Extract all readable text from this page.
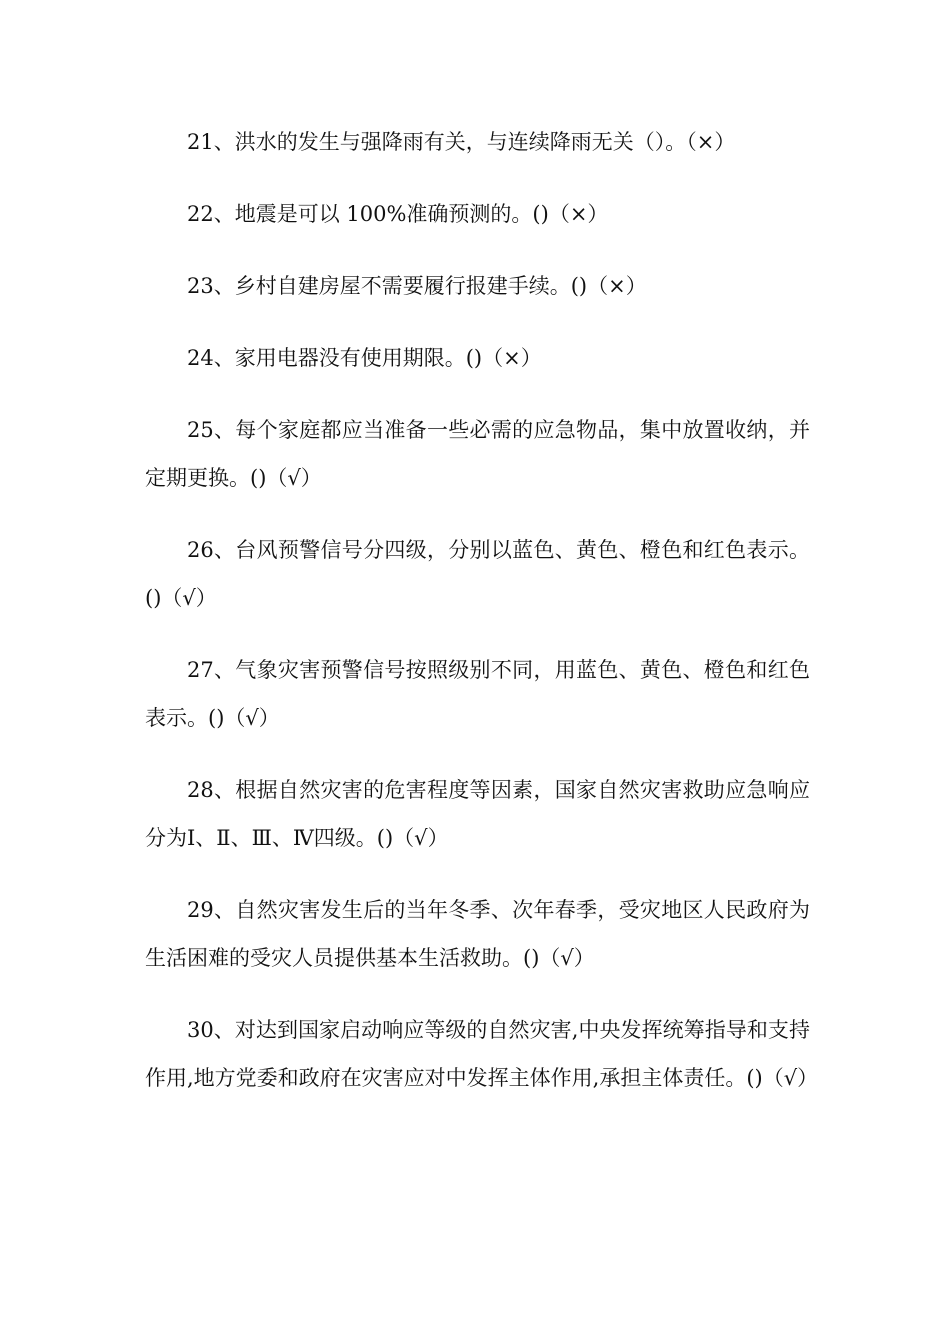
21、洪水的发生与强降雨有关，与连续降雨无关（）。（×）

22、地震是可以 100%准确预测的。()（×）

23、乡村自建房屋不需要履行报建手续。()（×）

24、家用电器没有使用期限。()（×）

25、每个家庭都应当准备一些必需的应急物品，集中放置收纳，并定期更换。()（√）

26、台风预警信号分四级，分别以蓝色、黄色、橙色和红色表示。()（√）

27、气象灾害预警信号按照级别不同，用蓝色、黄色、橙色和红色表示。()（√）

28、根据自然灾害的危害程度等因素，国家自然灾害救助应急响应分为Ⅰ、Ⅱ、Ⅲ、Ⅳ四级。()（√）

29、自然灾害发生后的当年冬季、次年春季，受灾地区人民政府为生活困难的受灾人员提供基本生活救助。()（√）

30、对达到国家启动响应等级的自然灾害,中央发挥统筹指导和支持作用,地方党委和政府在灾害应对中发挥主体作用,承担主体责任。()（√）
